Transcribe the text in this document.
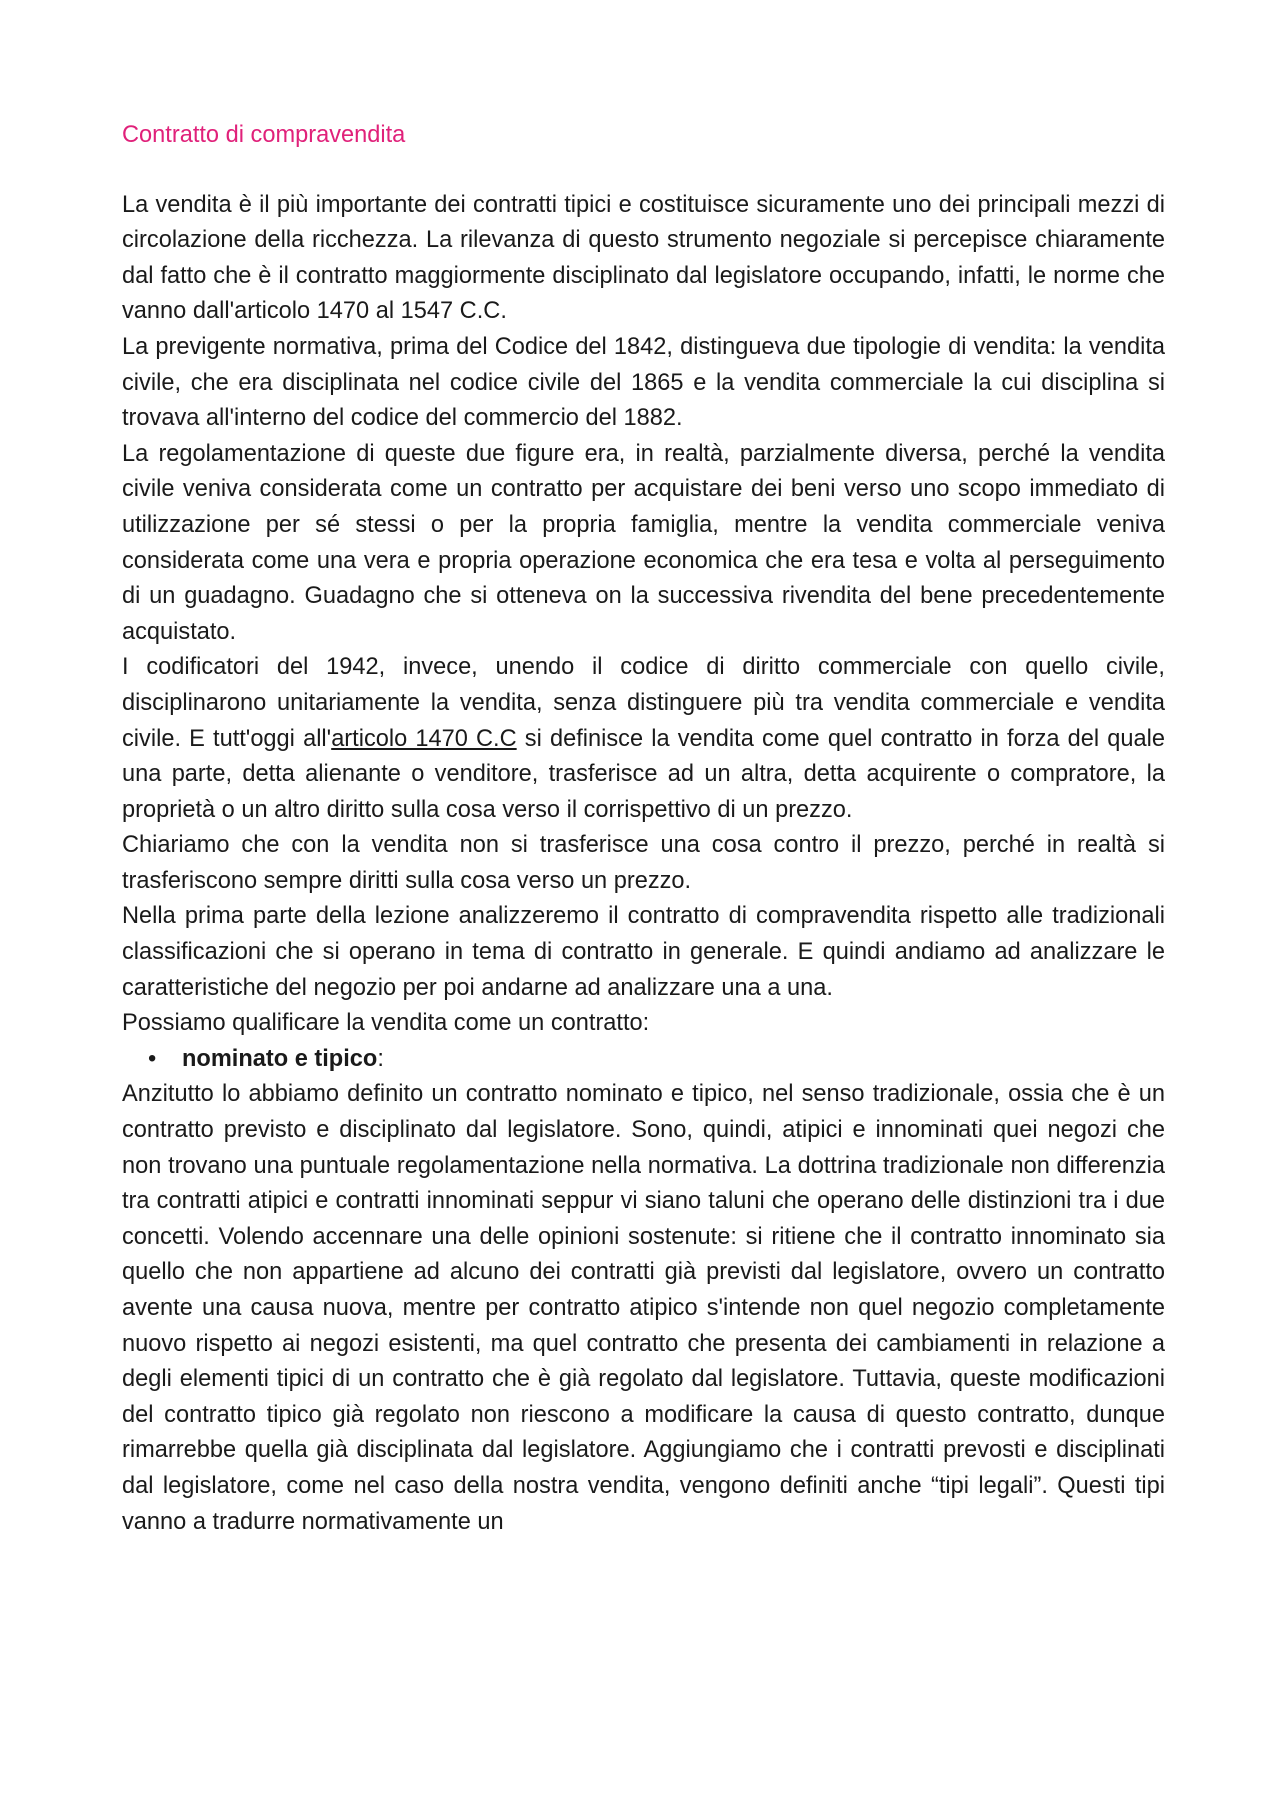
Contratto di compravendita

La vendita è il più importante dei contratti tipici e costituisce sicuramente uno dei principali mezzi di circolazione della ricchezza. La rilevanza di questo strumento negoziale si percepisce chiaramente dal fatto che è il contratto maggiormente disciplinato dal legislatore occupando, infatti, le norme che vanno dall'articolo 1470 al 1547 C.C.

La previgente normativa, prima del Codice del 1842, distingueva due tipologie di vendita: la vendita civile, che era disciplinata nel codice civile del 1865 e la vendita commerciale la cui disciplina si trovava all'interno del codice del commercio del 1882.

La regolamentazione di queste due figure era, in realtà, parzialmente diversa, perché la vendita civile veniva considerata come un contratto per acquistare dei beni verso uno scopo immediato di utilizzazione per sé stessi o per la propria famiglia, mentre la vendita commerciale veniva considerata come una vera e propria operazione economica che era tesa e volta al perseguimento di un guadagno. Guadagno che si otteneva on la successiva rivendita del bene precedentemente acquistato.

I codificatori del 1942, invece, unendo il codice di diritto commerciale con quello civile, disciplinarono unitariamente la vendita, senza distinguere più tra vendita commerciale e vendita civile. E tutt'oggi all'articolo 1470 C.C si definisce la vendita come quel contratto in forza del quale una parte, detta alienante o venditore, trasferisce ad un altra, detta acquirente o compratore, la proprietà o un altro diritto sulla cosa verso il corrispettivo di un prezzo.

Chiariamo che con la vendita non si trasferisce una cosa contro il prezzo, perché in realtà si trasferiscono sempre diritti sulla cosa verso un prezzo.

Nella prima parte della lezione analizzeremo il contratto di compravendita rispetto alle tradizionali classificazioni che si operano in tema di contratto in generale. E quindi andiamo ad analizzare le caratteristiche del negozio per poi andarne ad analizzare una a una.

Possiamo qualificare la vendita come un contratto:

•	nominato e tipico:

Anzitutto lo abbiamo definito un contratto nominato e tipico, nel senso tradizionale, ossia che è un contratto previsto e disciplinato dal legislatore. Sono, quindi, atipici e innominati quei negozi che non trovano una puntuale regolamentazione nella normativa. La dottrina tradizionale non differenzia tra contratti atipici e contratti innominati seppur vi siano taluni che operano delle distinzioni tra i due concetti. Volendo accennare una delle opinioni sostenute: si ritiene che il contratto innominato sia quello che non appartiene ad alcuno dei contratti già previsti dal legislatore, ovvero un contratto avente una causa nuova, mentre per contratto atipico s'intende non quel negozio completamente nuovo rispetto ai negozi esistenti, ma quel contratto che presenta dei cambiamenti in relazione a degli elementi tipici di un contratto che è già regolato dal legislatore. Tuttavia, queste modificazioni del contratto tipico già regolato non riescono a modificare la causa di questo contratto, dunque rimarrebbe quella già disciplinata dal legislatore. Aggiungiamo che i contratti prevosti e disciplinati dal legislatore, come nel caso della nostra vendita, vengono definiti anche “tipi legali”. Questi tipi vanno a tradurre normativamente un
